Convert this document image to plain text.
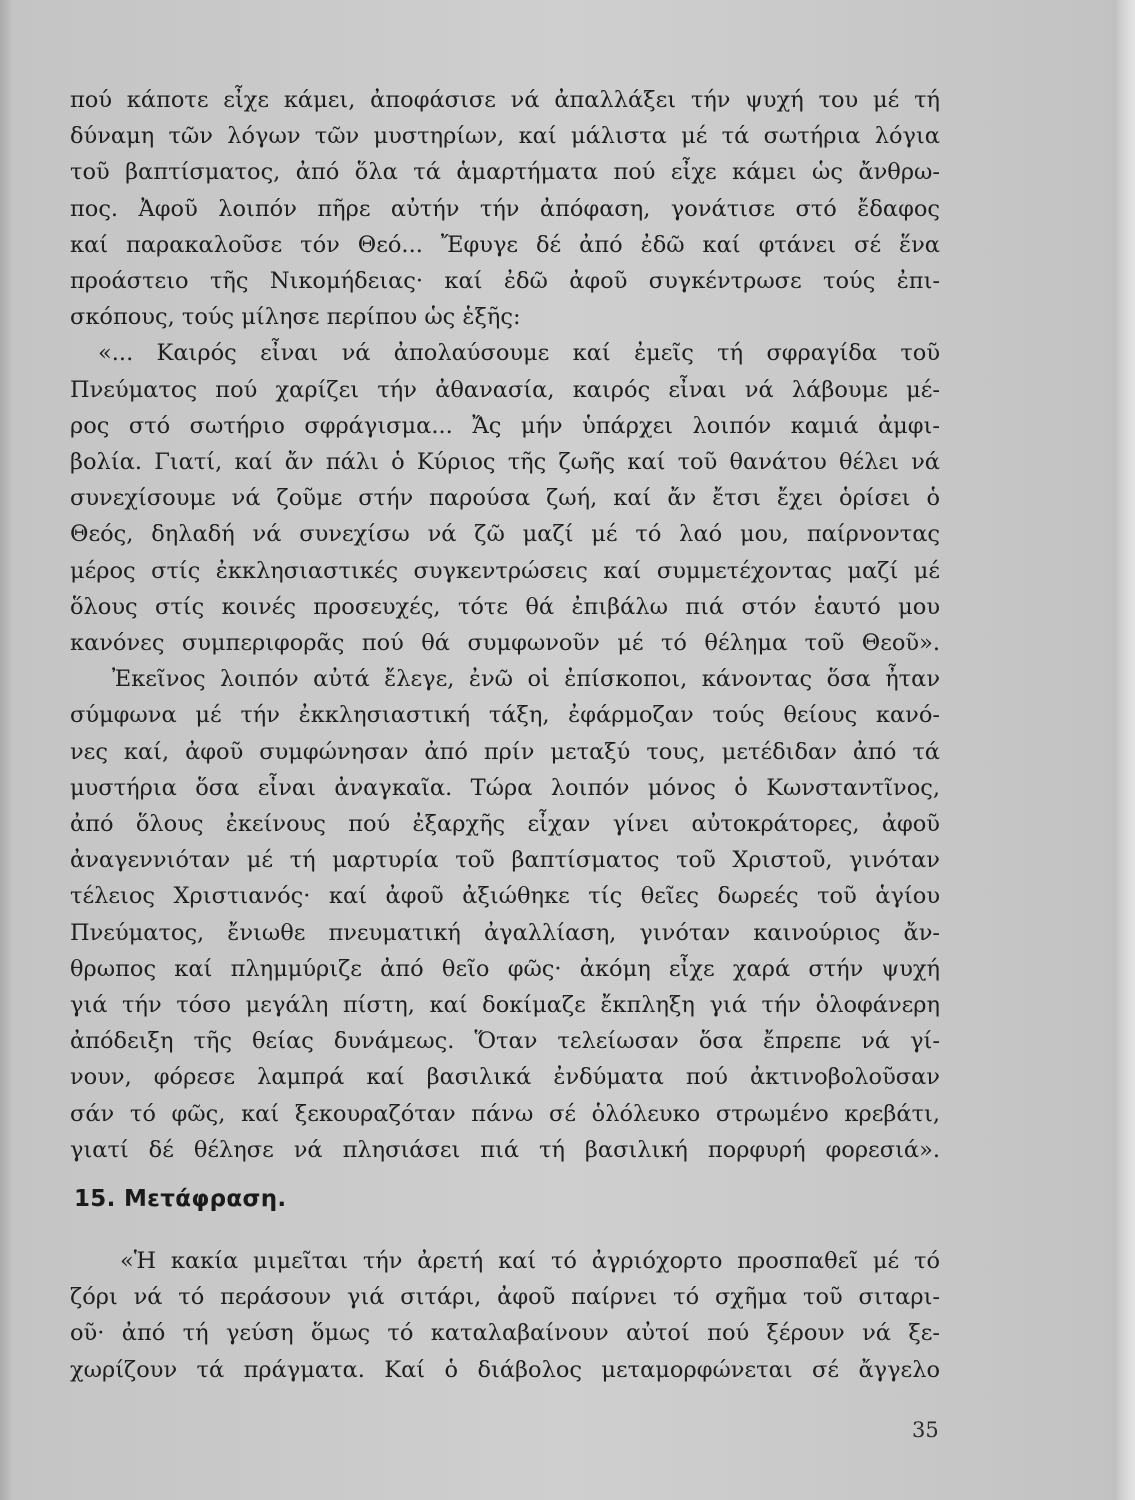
πού κάποτε εἶχε κάμει, ἀποφάσισε νά ἀπαλλάξει τήν ψυχή του μέ τή
δύναμη τῶν λόγων τῶν μυστηρίων, καί μάλιστα μέ τά σωτήρια λόγια
τοῦ βαπτίσματος, ἀπό ὅλα τά ἁμαρτήματα πού εἶχε κάμει ὡς ἄνθρω-
πος. Ἀφοῦ λοιπόν πῆρε αὐτήν τήν ἀπόφαση, γονάτισε στό ἔδαφος
καί παρακαλοῦσε τόν Θεό... Ἔφυγε δέ ἀπό ἐδῶ καί φτάνει σέ ἕνα
προάστειο τῆς Νικομήδειας· καί ἐδῶ ἀφοῦ συγκέντρωσε τούς ἐπι-
σκόπους, τούς μίλησε περίπου ὡς ἑξῆς:
«... Καιρός εἶναι νά ἀπολαύσουμε καί ἐμεῖς τή σφραγίδα τοῦ
Πνεύματος πού χαρίζει τήν ἀθανασία, καιρός εἶναι νά λάβουμε μέ-
ρος στό σωτήριο σφράγισμα... Ἄς μήν ὑπάρχει λοιπόν καμιά ἀμφι-
βολία. Γιατί, καί ἄν πάλι ὁ Κύριος τῆς ζωῆς καί τοῦ θανάτου θέλει νά
συνεχίσουμε νά ζοῦμε στήν παρούσα ζωή, καί ἄν ἔτσι ἔχει ὁρίσει ὁ
Θεός, δηλαδή νά συνεχίσω νά ζῶ μαζί μέ τό λαό μου, παίρνοντας
μέρος στίς ἐκκλησιαστικές συγκεντρώσεις καί συμμετέχοντας μαζί μέ
ὅλους στίς κοινές προσευχές, τότε θά ἐπιβάλω πιά στόν ἑαυτό μου
κανόνες συμπεριφορᾶς πού θά συμφωνοῦν μέ τό θέλημα τοῦ Θεοῦ».
Ἐκεῖνος λοιπόν αὐτά ἔλεγε, ἐνῶ οἱ ἐπίσκοποι, κάνοντας ὅσα ἦταν
σύμφωνα μέ τήν ἐκκλησιαστική τάξη, ἐφάρμοζαν τούς θείους κανό-
νες καί, ἀφοῦ συμφώνησαν ἀπό πρίν μεταξύ τους, μετέδιδαν ἀπό τά
μυστήρια ὅσα εἶναι ἀναγκαῖα. Τώρα λοιπόν μόνος ὁ Κωνσταντῖνος,
ἀπό ὅλους ἐκείνους πού ἐξαρχῆς εἶχαν γίνει αὐτοκράτορες, ἀφοῦ
ἀναγεννιόταν μέ τή μαρτυρία τοῦ βαπτίσματος τοῦ Χριστοῦ, γινόταν
τέλειος Χριστιανός· καί ἀφοῦ ἀξιώθηκε τίς θεῖες δωρεές τοῦ ἁγίου
Πνεύματος, ἔνιωθε πνευματική ἀγαλλίαση, γινόταν καινούριος ἄν-
θρωπος καί πλημμύριζε ἀπό θεῖο φῶς· ἀκόμη εἶχε χαρά στήν ψυχή
γιά τήν τόσο μεγάλη πίστη, καί δοκίμαζε ἔκπληξη γιά τήν ὁλοφάνερη
ἀπόδειξη τῆς θείας δυνάμεως. Ὅταν τελείωσαν ὅσα ἔπρεπε νά γί-
νουν, φόρεσε λαμπρά καί βασιλικά ἐνδύματα πού ἀκτινοβολοῦσαν
σάν τό φῶς, καί ξεκουραζόταν πάνω σέ ὁλόλευκο στρωμένο κρεβάτι,
γιατί δέ θέλησε νά πλησιάσει πιά τή βασιλική πορφυρή φορεσιά».
15. Μετάφραση.
«Ἡ κακία μιμεῖται τήν ἀρετή καί τό ἀγριόχορτο προσπαθεῖ μέ τό
ζόρι νά τό περάσουν γιά σιτάρι, ἀφοῦ παίρνει τό σχῆμα τοῦ σιταρι-
οῦ· ἀπό τή γεύση ὅμως τό καταλαβαίνουν αὐτοί πού ξέρουν νά ξε-
χωρίζουν τά πράγματα. Καί ὁ διάβολος μεταμορφώνεται σέ ἄγγελο
35
